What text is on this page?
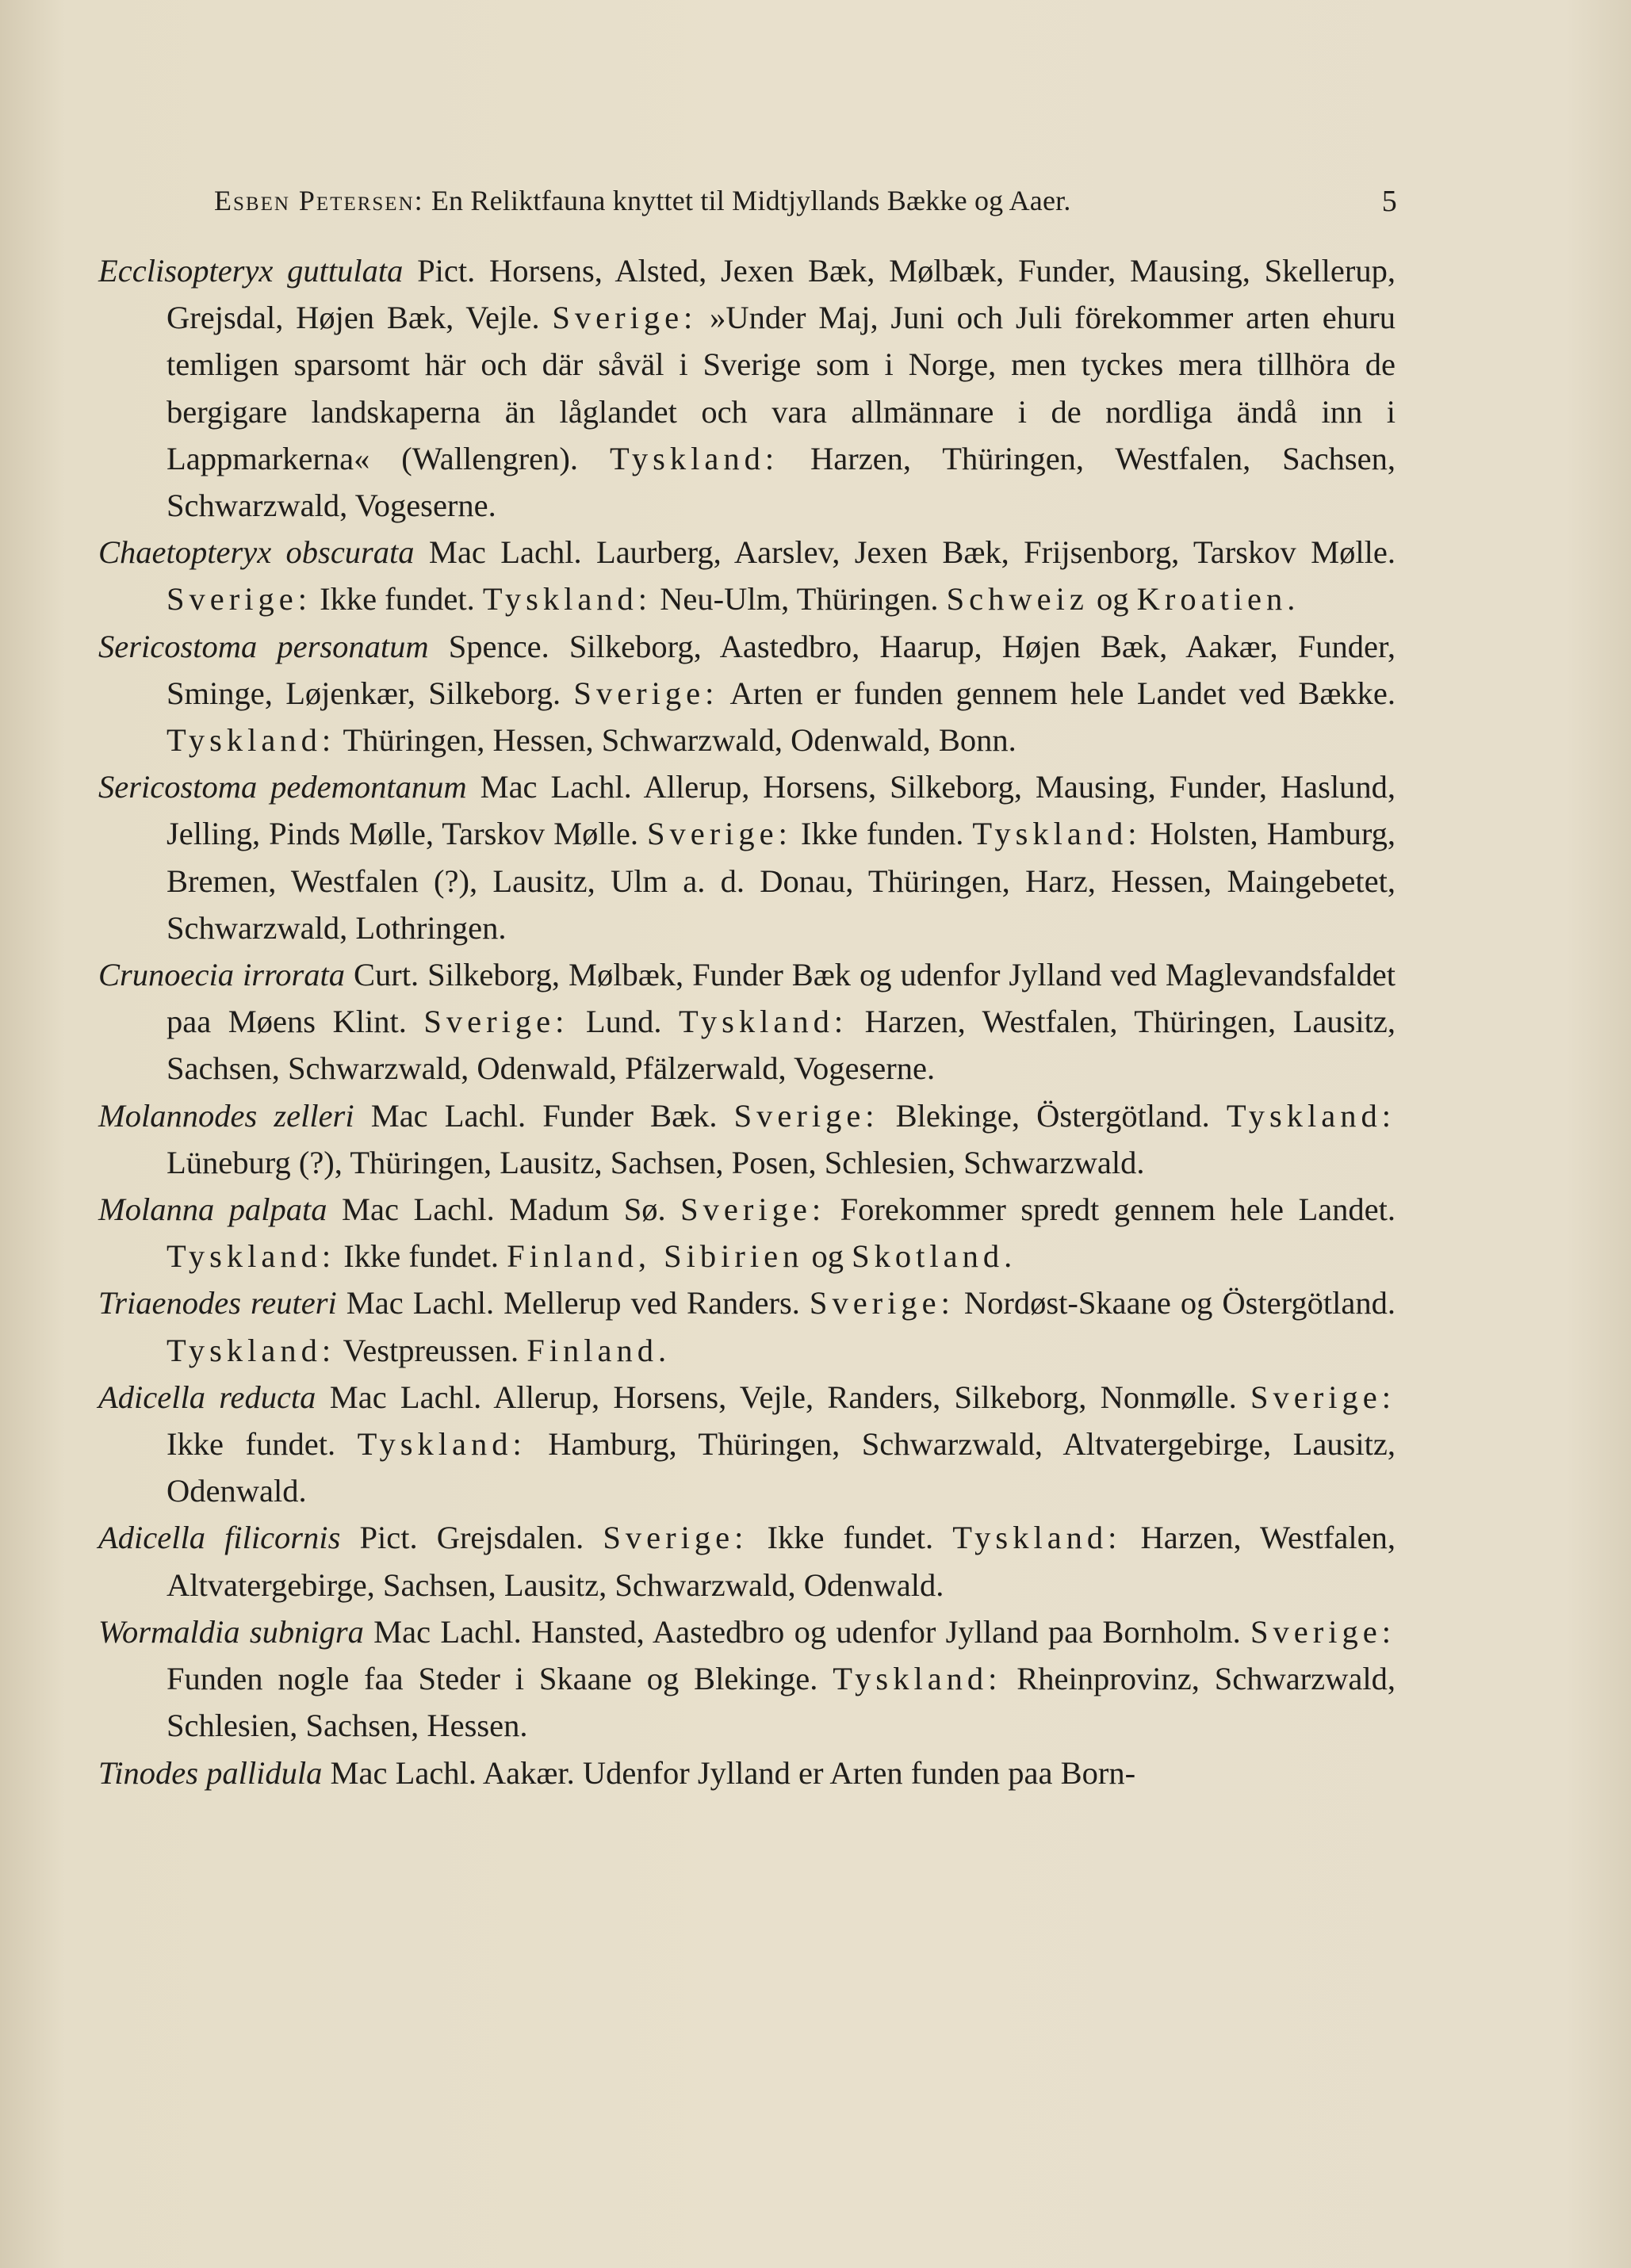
Esben Petersen: En Reliktfauna knyttet til Midtjyllands Bække og Aaer.	5

Ecclisopteryx guttulata Pict. Horsens, Alsted, Jexen Bæk, Mølbæk, Funder, Mausing, Skellerup, Grejsdal, Højen Bæk, Vejle. Sverige: »Under Maj, Juni och Juli förekommer arten ehuru temligen sparsomt här och där såväl i Sverige som i Norge, men tyckes mera tillhöra de bergigare landskaperna än låglandet och vara allmännare i de nordliga ändå inn i Lappmarkerna« (Wallengren). Tyskland: Harzen, Thüringen, Westfalen, Sachsen, Schwarzwald, Vogeserne.

Chaetopteryx obscurata Mac Lachl. Laurberg, Aarslev, Jexen Bæk, Frijsenborg, Tarskov Mølle. Sverige: Ikke fundet. Tyskland: Neu-Ulm, Thüringen. Schweiz og Kroatien.

Sericostoma personatum Spence. Silkeborg, Aastedbro, Haarup, Højen Bæk, Aakær, Funder, Sminge, Løjenkær, Silkeborg. Sverige: Arten er funden gennem hele Landet ved Bække. Tyskland: Thüringen, Hessen, Schwarzwald, Odenwald, Bonn.

Sericostoma pedemontanum Mac Lachl. Allerup, Horsens, Silkeborg, Mausing, Funder, Haslund, Jelling, Pinds Mølle, Tarskov Mølle. Sverige: Ikke funden. Tyskland: Holsten, Hamburg, Bremen, Westfalen (?), Lausitz, Ulm a. d. Donau, Thüringen, Harz, Hessen, Maingebetet, Schwarzwald, Lothringen.

Crunoecia irrorata Curt. Silkeborg, Mølbæk, Funder Bæk og udenfor Jylland ved Maglevandsfaldet paa Møens Klint. Sverige: Lund. Tyskland: Harzen, Westfalen, Thüringen, Lausitz, Sachsen, Schwarzwald, Odenwald, Pfälzerwald, Vogeserne.

Molannodes zelleri Mac Lachl. Funder Bæk. Sverige: Blekinge, Östergötland. Tyskland: Lüneburg (?), Thüringen, Lausitz, Sachsen, Posen, Schlesien, Schwarzwald.

Molanna palpata Mac Lachl. Madum Sø. Sverige: Forekommer spredt gennem hele Landet. Tyskland: Ikke fundet. Finland, Sibirien og Skotland.

Triaenodes reuteri Mac Lachl. Mellerup ved Randers. Sverige: Nordøst-Skaane og Östergötland. Tyskland: Vestpreussen. Finland.

Adicella reducta Mac Lachl. Allerup, Horsens, Vejle, Randers, Silkeborg, Nonmølle. Sverige: Ikke fundet. Tyskland: Hamburg, Thüringen, Schwarzwald, Altvatergebirge, Lausitz, Odenwald.

Adicella filicornis Pict. Grejsdalen. Sverige: Ikke fundet. Tyskland: Harzen, Westfalen, Altvatergebirge, Sachsen, Lausitz, Schwarzwald, Odenwald.

Wormaldia subnigra Mac Lachl. Hansted, Aastedbro og udenfor Jylland paa Bornholm. Sverige: Funden nogle faa Steder i Skaane og Blekinge. Tyskland: Rheinprovinz, Schwarzwald, Schlesien, Sachsen, Hessen.

Tinodes pallidula Mac Lachl. Aakær. Udenfor Jylland er Arten funden paa Born-
